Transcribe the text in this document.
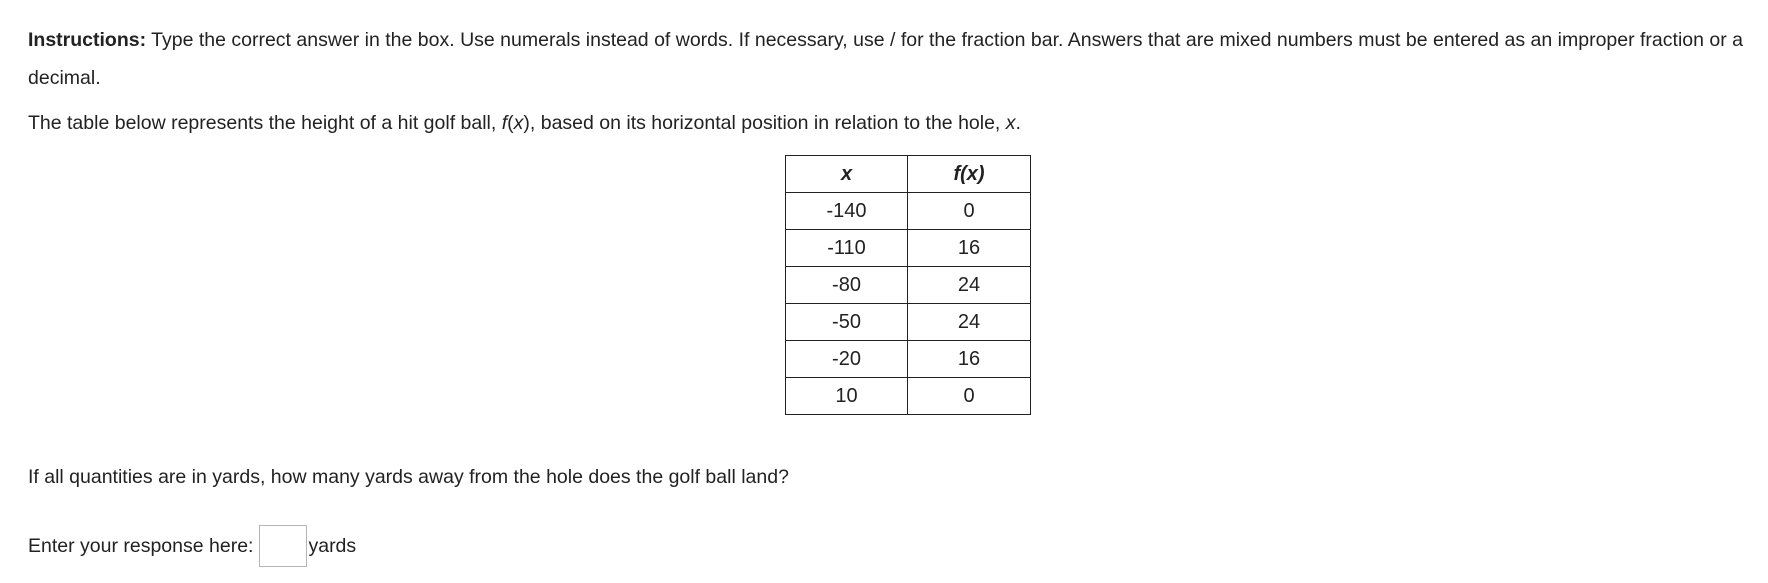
Instructions: Type the correct answer in the box. Use numerals instead of words. If necessary, use / for the fraction bar. Answers that are mixed numbers must be entered as an improper fraction or a decimal.
The table below represents the height of a hit golf ball, f(x), based on its horizontal position in relation to the hole, x.
x	f(x)
-140	0
-110	16
-80	24
-50	24
-20	16
10	0
If all quantities are in yards, how many yards away from the hole does the golf ball land?
Enter your response here:	yards
